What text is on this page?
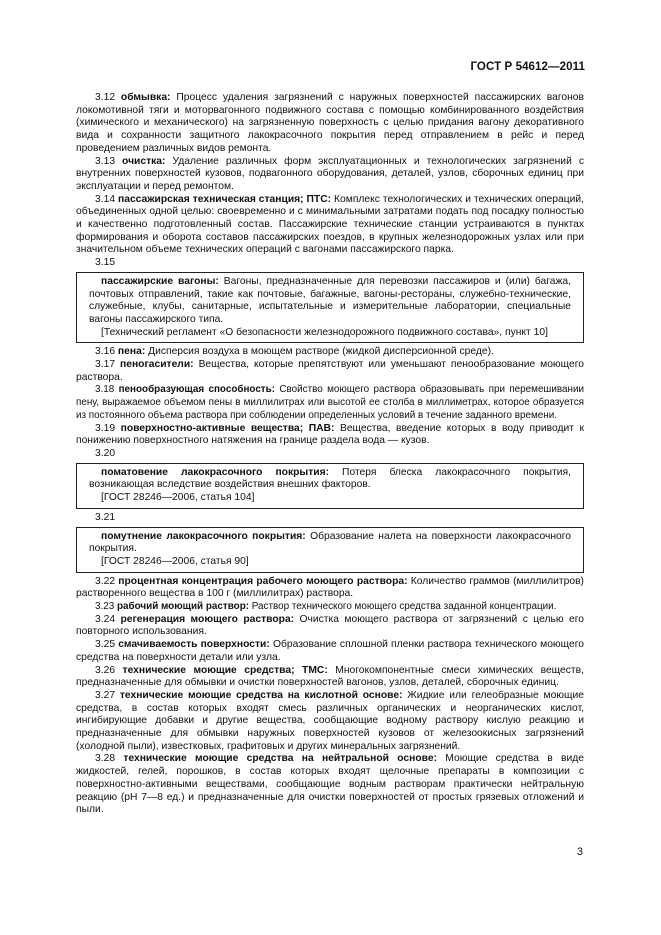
ГОСТ Р 54612—2011

3.12 обмывка: Процесс удаления загрязнений с наружных поверхностей пассажирских вагонов локомотивной тяги и моторвагонного подвижного состава с помощью комбинированного воздействия (химического и механического) на загрязненную поверхность с целью придания вагону декоративного вида и сохранности защитного лакокрасочного покрытия перед отправлением в рейс и перед проведением различных видов ремонта.

3.13 очистка: Удаление различных форм эксплуатационных и технологических загрязнений с внутренних поверхностей кузовов, подвагонного оборудования, деталей, узлов, сборочных единиц при эксплуатации и перед ремонтом.

3.14 пассажирская техническая станция; ПТС: Комплекс технологических и технических операций, объединенных одной целью: своевременно и с минимальными затратами подать под посадку полностью и качественно подготовленный состав. Пассажирские технические станции устраиваются в пунктах формирования и оборота составов пассажирских поездов, в крупных железнодорожных узлах или при значительном объеме технических операций с вагонами пассажирского парка.

3.15

пассажирские вагоны: Вагоны, предназначенные для перевозки пассажиров и (или) багажа, почтовых отправлений, такие как почтовые, багажные, вагоны-рестораны, служебно-технические, служебные, клубы, санитарные, испытательные и измерительные лаборатории, специальные вагоны пассажирского типа.

[Технический регламент «О безопасности железнодорожного подвижного состава», пункт 10]

3.16 пена: Дисперсия воздуха в моющем растворе (жидкой дисперсионной среде).

3.17 пеногасители: Вещества, которые препятствуют или уменьшают пенообразование моющего раствора.

3.18 пенообразующая способность: Свойство моющего раствора образовывать при перемешивании пену, выражаемое объемом пены в миллилитрах или высотой ее столба в миллиметрах, которое образуется из постоянного объема раствора при соблюдении определенных условий в течение заданного времени.

3.19 поверхностно-активные вещества; ПАВ: Вещества, введение которых в воду приводит к понижению поверхностного натяжения на границе раздела вода — кузов.

3.20

поматовение лакокрасочного покрытия: Потеря блеска лакокрасочного покрытия, возникающая вследствие воздействия внешних факторов.

[ГОСТ 28246—2006, статья 104]

3.21

помутнение лакокрасочного покрытия: Образование налета на поверхности лакокрасочного покрытия.

[ГОСТ 28246—2006, статья 90]

3.22 процентная концентрация рабочего моющего раствора: Количество граммов (миллилитров) растворенного вещества в 100 г (миллилитрах) раствора.

3.23 рабочий моющий раствор: Раствор технического моющего средства заданной концентрации.

3.24 регенерация моющего раствора: Очистка моющего раствора от загрязнений с целью его повторного использования.

3.25 смачиваемость поверхности: Образование сплошной пленки раствора технического моющего средства на поверхности детали или узла.

3.26 технические моющие средства; ТМС: Многокомпонентные смеси химических веществ, предназначенные для обмывки и очистки поверхностей вагонов, узлов, деталей, сборочных единиц.

3.27 технические моющие средства на кислотной основе: Жидкие или гелеобразные моющие средства, в состав которых входят смесь различных органических и неорганических кислот, ингибирующие добавки и другие вещества, сообщающие водному раствору кислую реакцию и предназначенные для обмывки наружных поверхностей кузовов от железоокисных загрязнений (холодной пыли), известковых, графитовых и других минеральных загрязнений.

3.28 технические моющие средства на нейтральной основе: Моющие средства в виде жидкостей, гелей, порошков, в состав которых входят щелочные препараты в композиции с поверхностно-активными веществами, сообщающие водным растворам практически нейтральную реакцию (pH 7—8 ед.) и предназначенные для очистки поверхностей от простых грязевых отложений и пыли.

3
